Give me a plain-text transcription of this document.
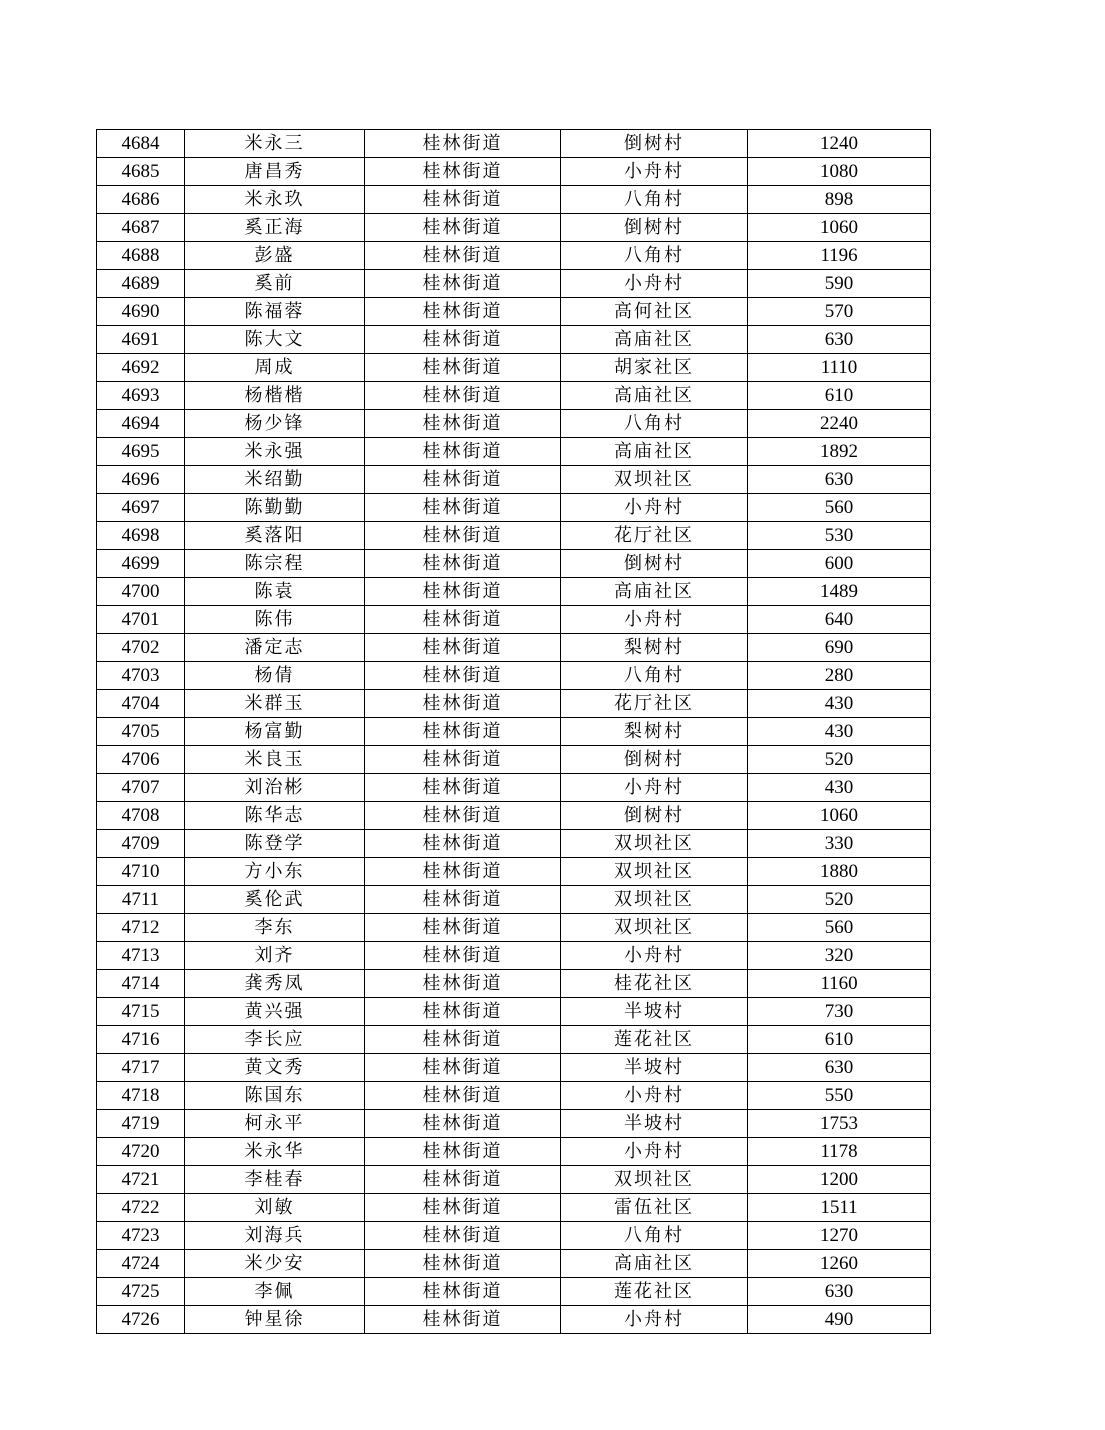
4684	米永三	桂林街道	倒树村	1240
4685	唐昌秀	桂林街道	小舟村	1080
4686	米永玖	桂林街道	八角村	898
4687	奚正海	桂林街道	倒树村	1060
4688	彭盛	桂林街道	八角村	1196
4689	奚前	桂林街道	小舟村	590
4690	陈福蓉	桂林街道	高何社区	570
4691	陈大文	桂林街道	高庙社区	630
4692	周成	桂林街道	胡家社区	1110
4693	杨楷楷	桂林街道	高庙社区	610
4694	杨少锋	桂林街道	八角村	2240
4695	米永强	桂林街道	高庙社区	1892
4696	米绍勤	桂林街道	双坝社区	630
4697	陈勤勤	桂林街道	小舟村	560
4698	奚落阳	桂林街道	花厅社区	530
4699	陈宗程	桂林街道	倒树村	600
4700	陈袁	桂林街道	高庙社区	1489
4701	陈伟	桂林街道	小舟村	640
4702	潘定志	桂林街道	梨树村	690
4703	杨倩	桂林街道	八角村	280
4704	米群玉	桂林街道	花厅社区	430
4705	杨富勤	桂林街道	梨树村	430
4706	米良玉	桂林街道	倒树村	520
4707	刘治彬	桂林街道	小舟村	430
4708	陈华志	桂林街道	倒树村	1060
4709	陈登学	桂林街道	双坝社区	330
4710	方小东	桂林街道	双坝社区	1880
4711	奚伦武	桂林街道	双坝社区	520
4712	李东	桂林街道	双坝社区	560
4713	刘齐	桂林街道	小舟村	320
4714	龚秀凤	桂林街道	桂花社区	1160
4715	黄兴强	桂林街道	半坡村	730
4716	李长应	桂林街道	莲花社区	610
4717	黄文秀	桂林街道	半坡村	630
4718	陈国东	桂林街道	小舟村	550
4719	柯永平	桂林街道	半坡村	1753
4720	米永华	桂林街道	小舟村	1178
4721	李桂春	桂林街道	双坝社区	1200
4722	刘敏	桂林街道	雷伍社区	1511
4723	刘海兵	桂林街道	八角村	1270
4724	米少安	桂林街道	高庙社区	1260
4725	李佩	桂林街道	莲花社区	630
4726	钟星徐	桂林街道	小舟村	490
